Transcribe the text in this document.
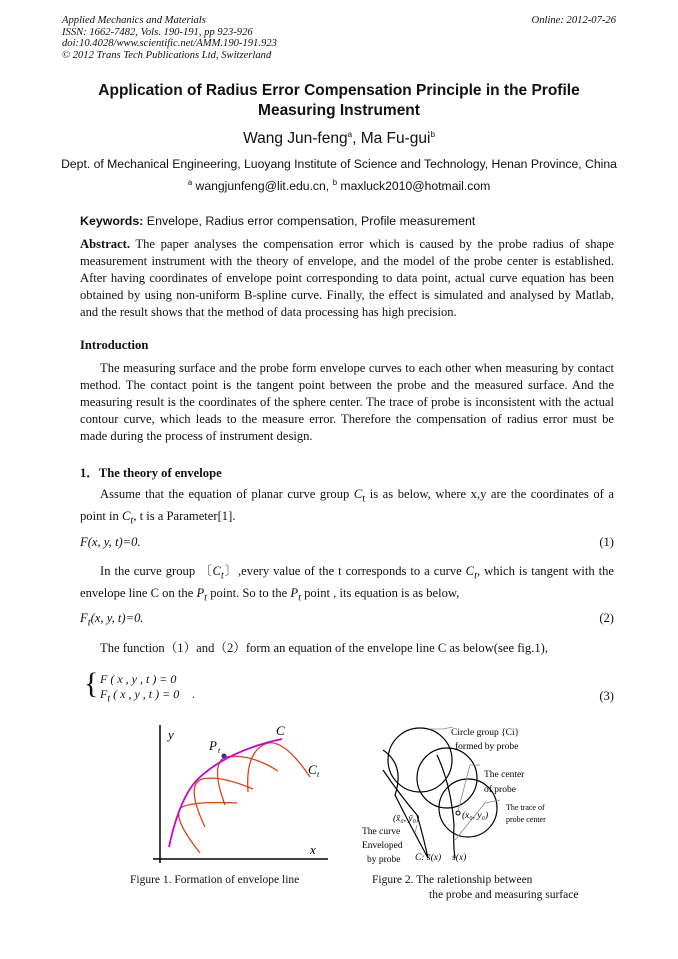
Applied Mechanics and Materials
ISSN: 1662-7482, Vols. 190-191, pp 923-926
doi:10.4028/www.scientific.net/AMM.190-191.923
© 2012 Trans Tech Publications Ltd, Switzerland
Online: 2012-07-26
Application of Radius Error Compensation Principle in the Profile Measuring Instrument
Wang Jun-feng$^a$, Ma Fu-gui$^b$
Dept. of Mechanical Engineering, Luoyang Institute of Science and Technology, Henan Province, China
$^a$ wangjunfeng@lit.edu.cn, $^b$ maxluck2010@hotmail.com
Keywords: Envelope, Radius error compensation, Profile measurement
Abstract. The paper analyses the compensation error which is caused by the probe radius of shape measurement instrument with the theory of envelope, and the model of the probe center is established. After having coordinates of envelope point corresponding to data point, actual curve equation has been obtained by using non-uniform B-spline curve. Finally, the effect is simulated and analysed by Matlab, and the result shows that the method of data processing has high precision.
Introduction
The measuring surface and the probe form envelope curves to each other when measuring by contact method. The contact point is the tangent point between the probe and the measured surface. And the measuring result is the coordinates of the sphere center. The trace of probe is inconsistent with the actual contour curve, which leads to the measure error. Therefore the compensation of radius error must be made during the process of instrument design.
1．The theory of envelope
Assume that the equation of planar curve group $C_t$ is as below, where x,y are the coordinates of a point in $C_t$, t is a Parameter[1].
F(x, y, t)=0.	(1)
In the curve group 〔$C_t$〕,every value of the t corresponds to a curve $C_t$, which is tangent with the envelope line C on the $P_t$ point. So to the $P_t$ point , its equation is as below,
$F_t(x$, y, t)=0.	(2)
The function（1）and（2）form an equation of the envelope line C as below(see fig.1),
{ F ( x , y , t ) = 0
$F_t$ ( x , y , t ) = 0 .	(3)
y
x
C
C t
P t
Figure 1. Formation of envelope line
Circle group {Ci}
formed by probe
The center
of probe
The trace of
probe center
The curve
Enveloped
by probe
(x̄₀, ȳ₀)	(x₀, y₀)
C: s̄(x) s(x)
Figure 2. The raletionship between
the probe and measuring surface
